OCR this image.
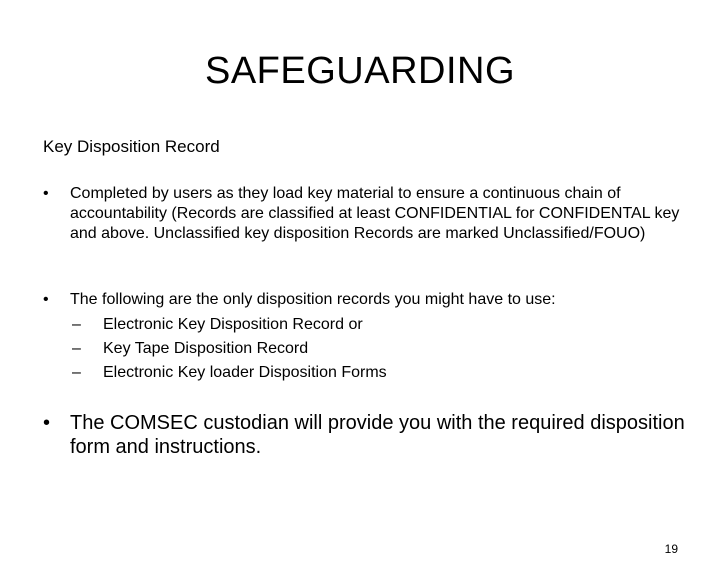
SAFEGUARDING
Key Disposition Record
•	Completed by users as they load key material to ensure a continuous chain of accountability (Records are classified at least CONFIDENTIAL for CONFIDENTAL key and above. Unclassified key disposition Records are marked Unclassified/FOUO)
•	The following are the only disposition records you might have to use:
–	Electronic Key Disposition Record or
–	Key Tape Disposition Record
–	Electronic Key loader Disposition Forms
• The COMSEC custodian will provide you with the required disposition form and instructions.
19
